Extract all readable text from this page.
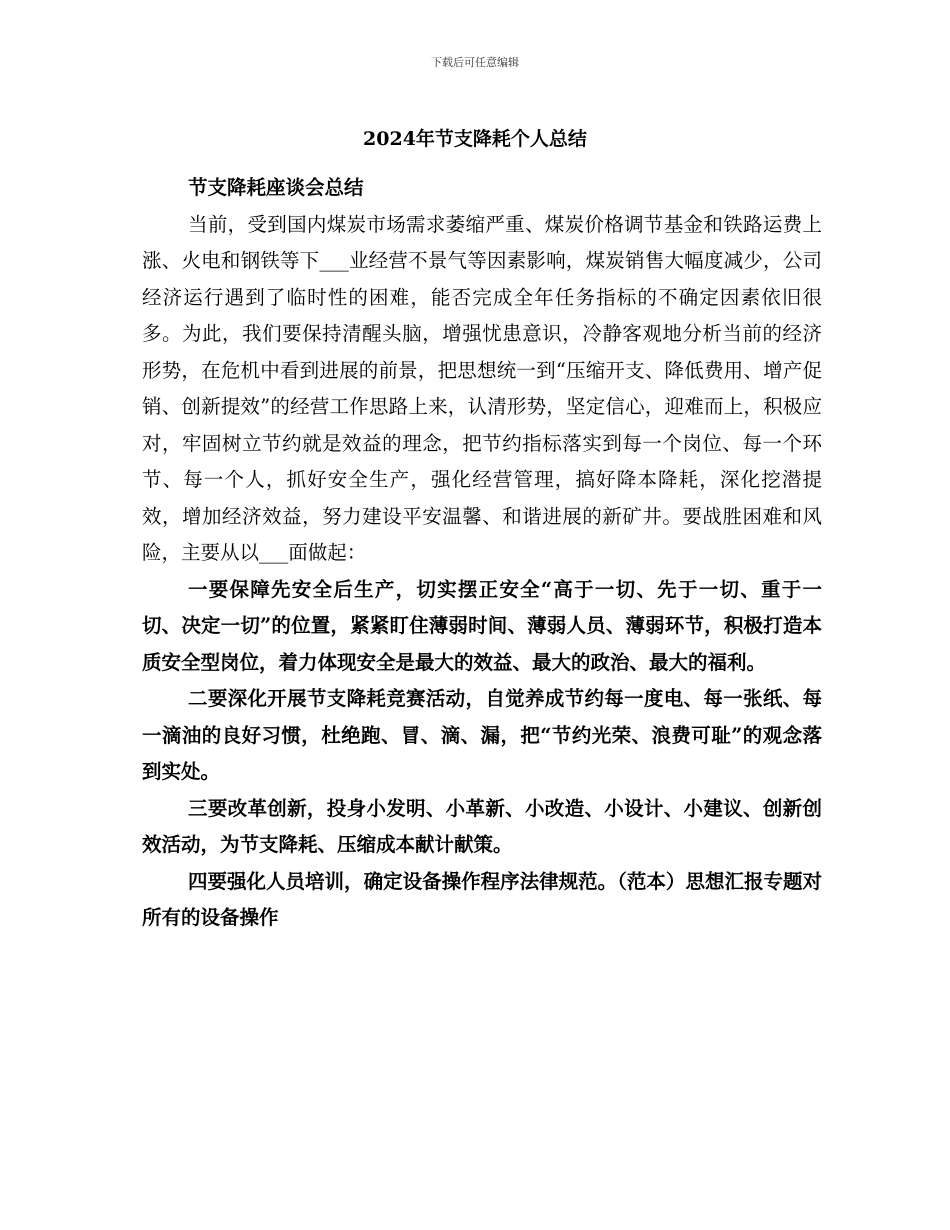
下载后可任意编辑
2024年节支降耗个人总结
节支降耗座谈会总结

当前，受到国内煤炭市场需求萎缩严重、煤炭价格调节基金和铁路运费上涨、火电和钢铁等下___业经营不景气等因素影响，煤炭销售大幅度减少，公司经济运行遇到了临时性的困难，能否完成全年任务指标的不确定因素依旧很多。为此，我们要保持清醒头脑，增强忧患意识，冷静客观地分析当前的经济形势，在危机中看到进展的前景，把思想统一到“压缩开支、降低费用、增产促销、创新提效”的经营工作思路上来，认清形势，坚定信心，迎难而上，积极应对，牢固树立节约就是效益的理念，把节约指标落实到每一个岗位、每一个环节、每一个人，抓好安全生产，强化经营管理，搞好降本降耗，深化挖潜提效，增加经济效益，努力建设平安温馨、和谐进展的新矿井。要战胜困难和风险，主要从以___面做起：

一要保障先安全后生产，切实摆正安全“高于一切、先于一切、重于一切、决定一切”的位置，紧紧盯住薄弱时间、薄弱人员、薄弱环节，积极打造本质安全型岗位，着力体现安全是最大的效益、最大的政治、最大的福利。

二要深化开展节支降耗竞赛活动，自觉养成节约每一度电、每一张纸、每一滴油的良好习惯，杜绝跑、冒、滴、漏，把“节约光荣、浪费可耻”的观念落到实处。

三要改革创新，投身小发明、小革新、小改造、小设计、小建议、创新创效活动，为节支降耗、压缩成本献计献策。

四要强化人员培训，确定设备操作程序法律规范。（范本）思想汇报专题对所有的设备操作
